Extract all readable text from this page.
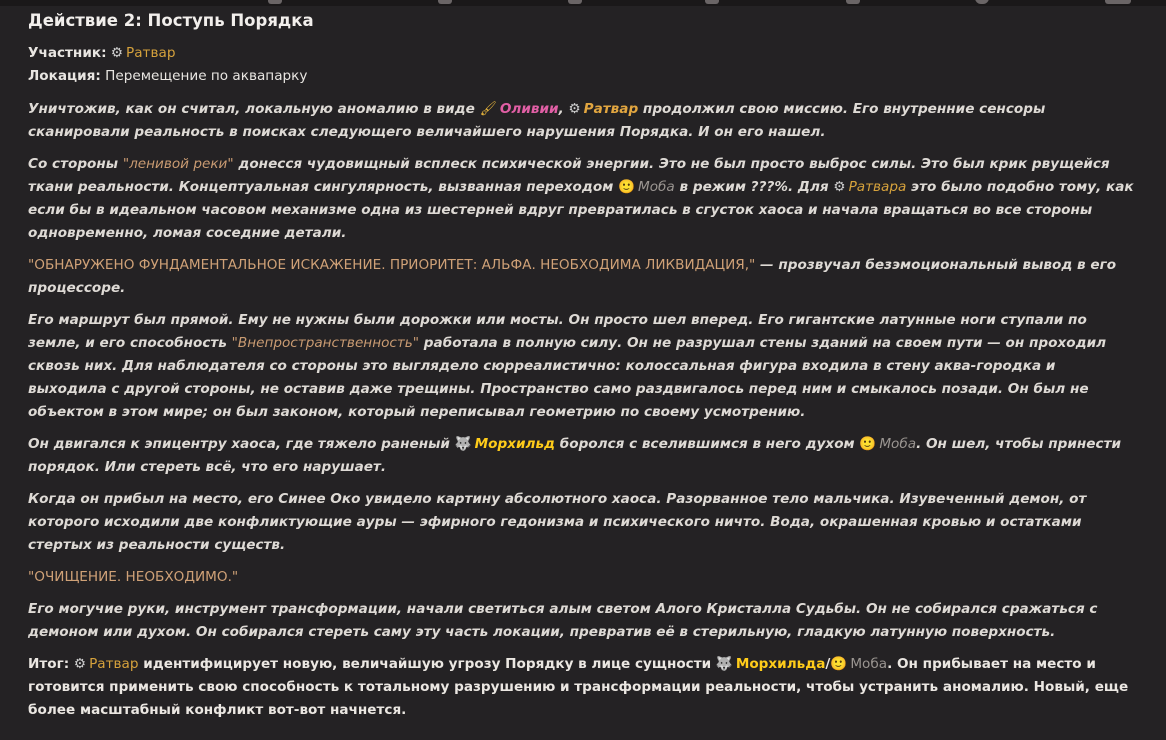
Действие 2: Поступь Порядка
Участник: ⚙ Ратвар
Локация: Перемещение по аквапарку
Уничтожив, как он считал, локальную аномалию в виде 🖌 Оливии, ⚙ Ратвар продолжил свою миссию. Его внутренние сенсоры сканировали реальность в поисках следующего величайшего нарушения Порядка. И он его нашел.
Со стороны "ленивой реки" донесся чудовищный всплеск психической энергии. Это не был просто выброс силы. Это был крик рвущейся ткани реальности. Концептуальная сингулярность, вызванная переходом 🙂 Моба в режим ???%. Для ⚙ Ратвара это было подобно тому, как если бы в идеальном часовом механизме одна из шестерней вдруг превратилась в сгусток хаоса и начала вращаться во все стороны одновременно, ломая соседние детали.
"ОБНАРУЖЕНО ФУНДАМЕНТАЛЬНОЕ ИСКАЖЕНИЕ. ПРИОРИТЕТ: АЛЬФА. НЕОБХОДИМА ЛИКВИДАЦИЯ," — прозвучал безэмоциональный вывод в его процессоре.
Его маршрут был прямой. Ему не нужны были дорожки или мосты. Он просто шел вперед. Его гигантские латунные ноги ступали по земле, и его способность "Внепространственность" работала в полную силу. Он не разрушал стены зданий на своем пути — он проходил сквозь них. Для наблюдателя со стороны это выглядело сюрреалистично: колоссальная фигура входила в стену аква-городка и выходила с другой стороны, не оставив даже трещины. Пространство само раздвигалось перед ним и смыкалось позади. Он был не объектом в этом мире; он был законом, который переписывал геометрию по своему усмотрению.
Он двигался к эпицентру хаоса, где тяжело раненый 🐺 Морхильд боролся с вселившимся в него духом 🙂 Моба. Он шел, чтобы принести порядок. Или стереть всё, что его нарушает.
Когда он прибыл на место, его Синее Око увидело картину абсолютного хаоса. Разорванное тело мальчика. Изувеченный демон, от которого исходили две конфликтующие ауры — эфирного гедонизма и психического ничто. Вода, окрашенная кровью и остатками стертых из реальности существ.
"ОЧИЩЕНИЕ. НЕОБХОДИМО."
Его могучие руки, инструмент трансформации, начали светиться алым светом Алого Кристалла Судьбы. Он не собирался сражаться с демоном или духом. Он собирался стереть саму эту часть локации, превратив её в стерильную, гладкую латунную поверхность.
Итог: ⚙ Ратвар идентифицирует новую, величайшую угрозу Порядку в лице сущности 🐺 Морхильда/🙂 Моба. Он прибывает на место и готовится применить свою способность к тотальному разрушению и трансформации реальности, чтобы устранить аномалию. Новый, еще более масштабный конфликт вот-вот начнется.
